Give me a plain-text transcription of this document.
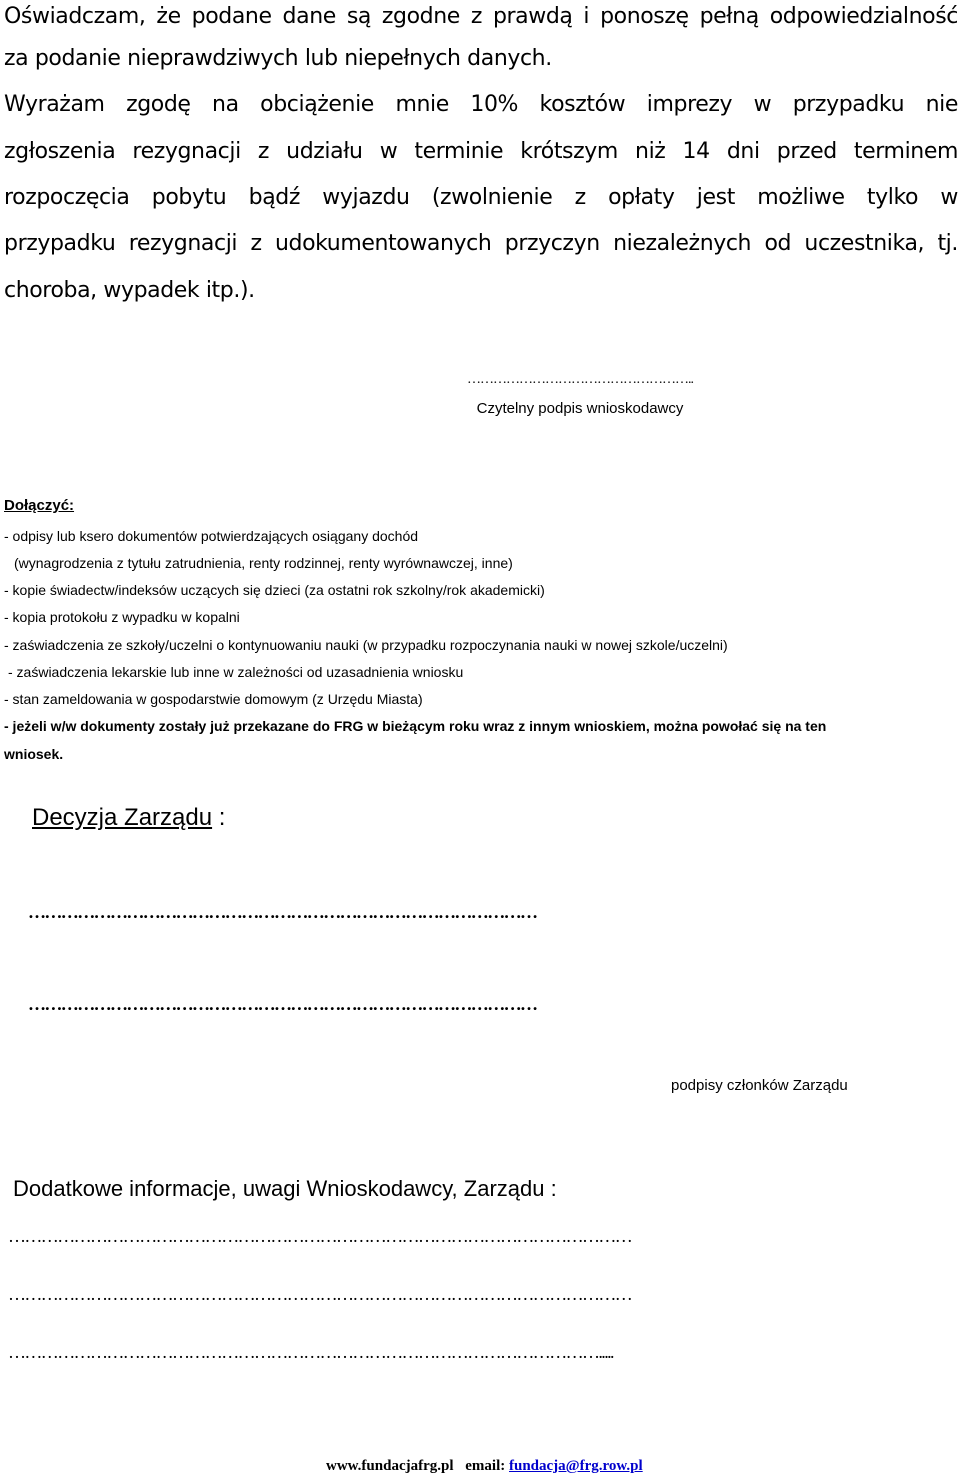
Oświadczam, że podane dane są zgodne z prawdą i ponoszę pełną odpowiedzialność

za podanie nieprawdziwych lub niepełnych danych.

Wyrażam zgodę na obciążenie mnie 10% kosztów imprezy w przypadku nie

zgłoszenia rezygnacji z udziału w terminie krótszym niż 14 dni przed terminem

rozpoczęcia pobytu bądź wyjazdu (zwolnienie z opłaty jest możliwe tylko w

przypadku rezygnacji z udokumentowanych przyczyn niezależnych od uczestnika, tj.

choroba, wypadek itp.).

……………………………………………..
Czytelny podpis wnioskodawcy

Dołączyć:

- odpisy lub ksero dokumentów potwierdzających osiągany dochód

(wynagrodzenia z tytułu zatrudnienia, renty rodzinnej, renty wyrównawczej, inne)

- kopie świadectw/indeksów uczących się dzieci (za ostatni rok szkolny/rok akademicki)

- kopia protokołu z wypadku w kopalni

- zaświadczenia ze szkoły/uczelni o kontynuowaniu nauki (w przypadku rozpoczynania nauki w nowej szkole/uczelni)

- zaświadczenia lekarskie lub inne w zależności od uzasadnienia wniosku

- stan zameldowania w gospodarstwie domowym (z Urzędu Miasta)

- jeżeli w/w dokumenty zostały już przekazane do FRG w bieżącym roku wraz z innym wnioskiem, można powołać się na ten

wniosek.

Decyzja Zarządu :

…………………………………………………………………………………

…………………………………………………………………………………

podpisy członków Zarządu

Dodatkowe informacje, uwagi Wnioskodawcy, Zarządu :

……………………………………………………………………………………………………

……………………………………………………………………………………………………

……………………………………………………………………………………………….....

www.fundacjafrg.pl email: fundacja@frg.row.pl
